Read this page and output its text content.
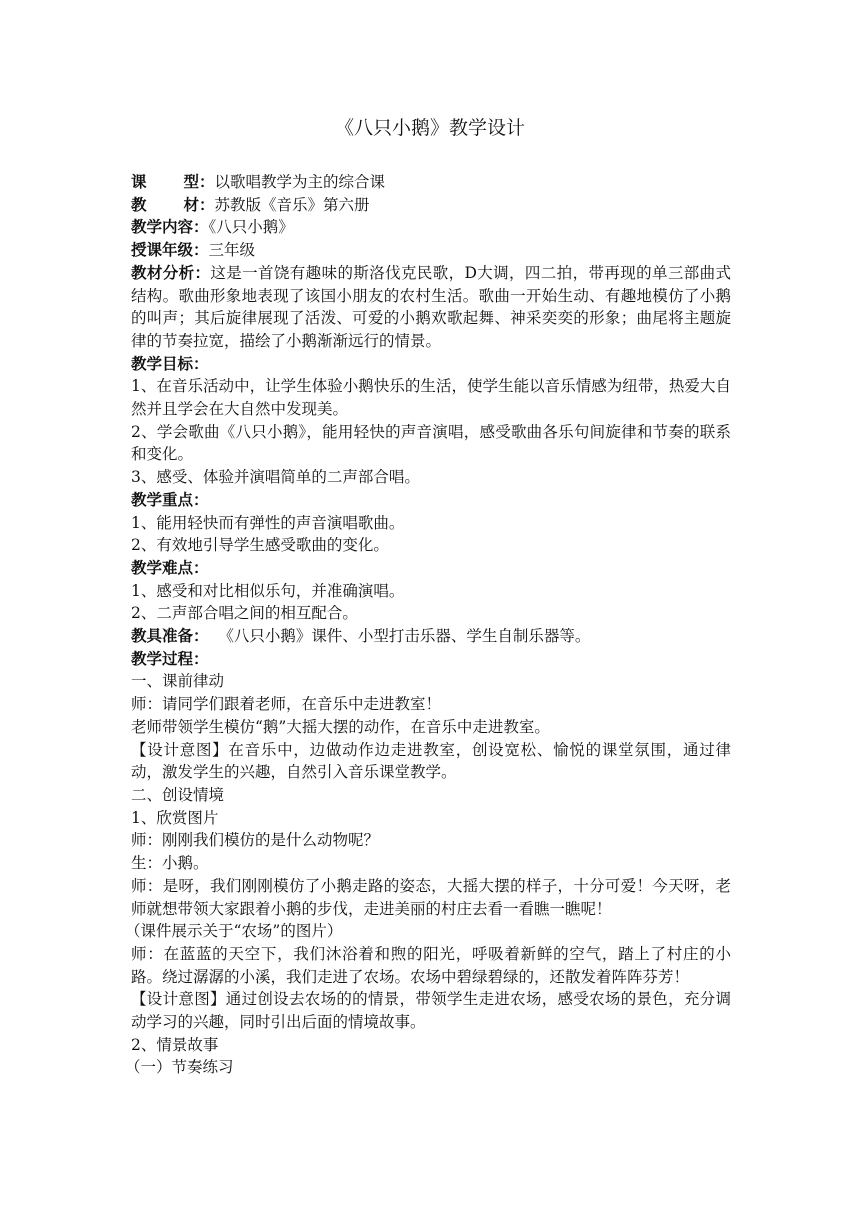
《八只小鹅》教学设计
课型：以歌唱教学为主的综合课
教材：苏教版《音乐》第六册
教学内容：《八只小鹅》
授课年级：三年级
教材分析：这是一首饶有趣味的斯洛伐克民歌，D大调，四二拍，带再现的单三部曲式结构。歌曲形象地表现了该国小朋友的农村生活。歌曲一开始生动、有趣地模仿了小鹅的叫声；其后旋律展现了活泼、可爱的小鹅欢歌起舞、神采奕奕的形象；曲尾将主题旋律的节奏拉宽，描绘了小鹅渐渐远行的情景。
教学目标：
1、在音乐活动中，让学生体验小鹅快乐的生活，使学生能以音乐情感为纽带，热爱大自然并且学会在大自然中发现美。
2、学会歌曲《八只小鹅》，能用轻快的声音演唱，感受歌曲各乐句间旋律和节奏的联系和变化。
3、感受、体验并演唱简单的二声部合唱。
教学重点：
1、能用轻快而有弹性的声音演唱歌曲。
2、有效地引导学生感受歌曲的变化。
教学难点：
1、感受和对比相似乐句，并准确演唱。
2、二声部合唱之间的相互配合。
教具准备： 《八只小鹅》课件、小型打击乐器、学生自制乐器等。
教学过程：
一、课前律动
师：请同学们跟着老师，在音乐中走进教室！
老师带领学生模仿“鹅”大摇大摆的动作，在音乐中走进教室。
【设计意图】在音乐中，边做动作边走进教室，创设宽松、愉悦的课堂氛围，通过律动，激发学生的兴趣，自然引入音乐课堂教学。
二、创设情境
1、欣赏图片
师：刚刚我们模仿的是什么动物呢？
生：小鹅。
师：是呀，我们刚刚模仿了小鹅走路的姿态，大摇大摆的样子，十分可爱！今天呀，老师就想带领大家跟着小鹅的步伐，走进美丽的村庄去看一看瞧一瞧呢！
（课件展示关于“农场”的图片）
师：在蓝蓝的天空下，我们沐浴着和煦的阳光，呼吸着新鲜的空气，踏上了村庄的小路。绕过潺潺的小溪，我们走进了农场。农场中碧绿碧绿的，还散发着阵阵芬芳！
【设计意图】通过创设去农场的的情景，带领学生走进农场，感受农场的景色，充分调动学习的兴趣，同时引出后面的情境故事。
2、情景故事
（一）节奏练习
